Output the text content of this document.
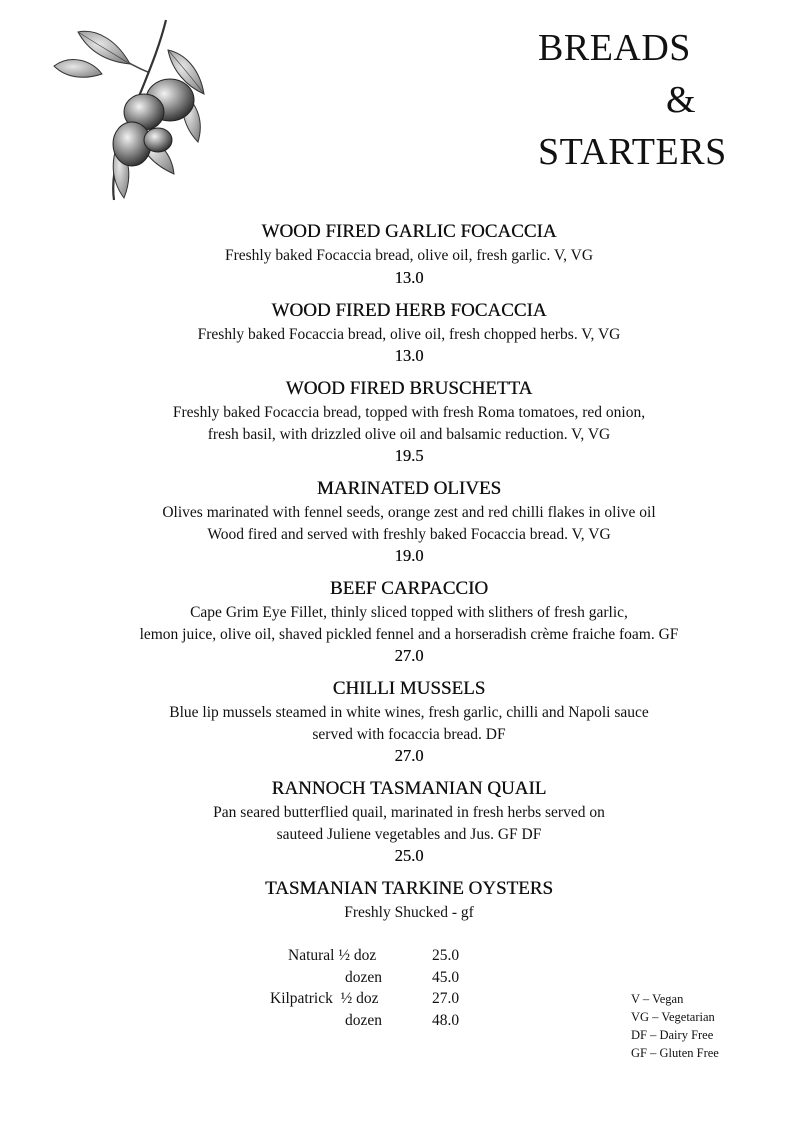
BREADS
&
STARTERS
WOOD FIRED GARLIC FOCACCIA
Freshly baked Focaccia bread, olive oil, fresh garlic. V, VG
13.0
WOOD FIRED HERB FOCACCIA
Freshly baked Focaccia bread, olive oil, fresh chopped herbs. V, VG
13.0
WOOD FIRED BRUSCHETTA
Freshly baked Focaccia bread, topped with fresh Roma tomatoes, red onion,
fresh basil, with drizzled olive oil and balsamic reduction. V, VG
19.5
MARINATED OLIVES
Olives marinated with fennel seeds, orange zest and red chilli flakes in olive oil
Wood fired and served with freshly baked Focaccia bread. V, VG
19.0
BEEF CARPACCIO
Cape Grim Eye Fillet, thinly sliced topped with slithers of fresh garlic,
lemon juice, olive oil, shaved pickled fennel and a horseradish crème fraiche foam. GF
27.0
CHILLI MUSSELS
Blue lip mussels steamed in white wines, fresh garlic, chilli and Napoli sauce
served with focaccia bread. DF
27.0
RANNOCH TASMANIAN QUAIL
Pan seared butterflied quail, marinated in fresh herbs served on
sauteed Juliene vegetables and Jus. GF DF
25.0
TASMANIAN TARKINE OYSTERS
Freshly Shucked - gf
Natural ½ doz	25.0
dozen	45.0
Kilpatrick  ½ doz	27.0
dozen	48.0
V – Vegan
VG – Vegetarian
DF – Dairy Free
GF – Gluten Free
